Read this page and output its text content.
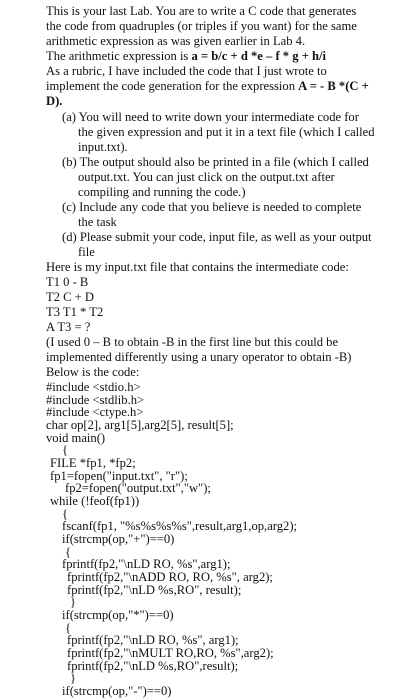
This is your last Lab. You are to write a C code that generates
the code from quadruples (or triples if you want) for the same
arithmetic expression as was given earlier in Lab 4.
The arithmetic expression is a = b/c + d *e – f * g + h/i
As a rubric, I have included the code that I just wrote to
implement the code generation for the expression A = - B *(C +
D).
(a) You will need to write down your intermediate code for
the given expression and put it in a text file (which I called
input.txt).
(b) The output should also be printed in a file (which I called
output.txt. You can just click on the output.txt after
compiling and running the code.)
(c) Include any code that you believe is needed to complete
the task
(d) Please submit your code, input file, as well as your output
file
Here is my input.txt file that contains the intermediate code:
T1 0 - B
T2 C + D
T3 T1 * T2
A T3 = ?
(I used 0 – B to obtain -B in the first line but this could be
implemented differently using a unary operator to obtain -B)
Below is the code:
#include <stdio.h>
#include <stdlib.h>
#include <ctype.h>
char op[2], arg1[5],arg2[5], result[5];
void main()
{
FILE *fp1, *fp2;
fp1=fopen("input.txt", "r");
fp2=fopen("output.txt","w");
while (!feof(fp1))
{
fscanf(fp1, "%s%s%s%s",result,arg1,op,arg2);
if(strcmp(op,"+")==0)
{
fprintf(fp2,"\nLD RO, %s",arg1);
fprintf(fp2,"\nADD RO, RO, %s", arg2);
fprintf(fp2,"\nLD %s,RO", result);
}
if(strcmp(op,"*")==0)
{
fprintf(fp2,"\nLD RO, %s", arg1);
fprintf(fp2,"\nMULT RO,RO, %s",arg2);
fprintf(fp2,"\nLD %s,RO",result);
}
if(strcmp(op,"-")==0)
